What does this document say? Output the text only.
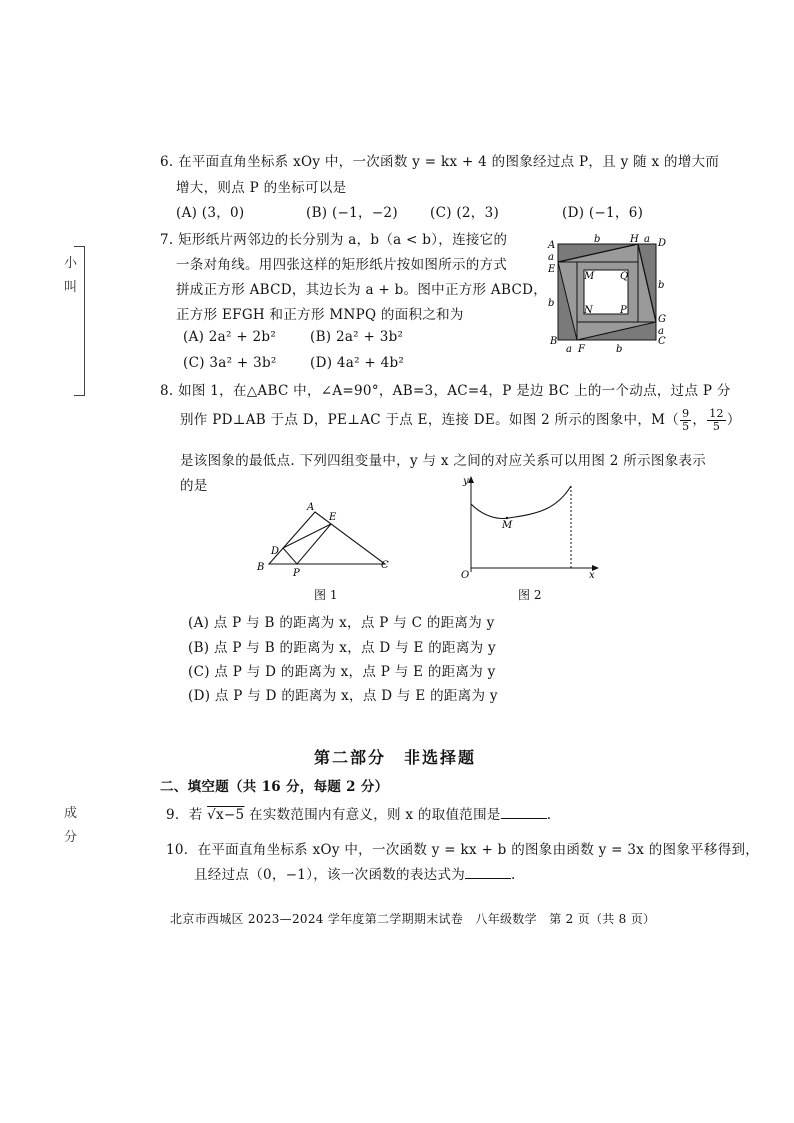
小
叫
成
分
6. 在平面直角坐标系 xOy 中，一次函数 y = kx + 4 的图象经过点 P，且 y 随 x 的增大而
增大，则点 P 的坐标可以是
(A) (3，0)	(B) (−1，−2) (C) (2，3)	(D) (−1，6)
7. 矩形纸片两邻边的长分别为 a，b（a < b），连接它的
一条对角线。用四张这样的矩形纸片按如图所示的方式
拼成正方形 ABCD，其边长为 a + b。图中正方形 ABCD，
正方形 EFGH 和正方形 MNPQ 的面积之和为
(A) 2a² + 2b²	(B) 2a² + 3b²
(C) 3a² + 3b² (D) 4a² + 4b²
A
a
E
b
B
a F	b
C
a
G
b
D
a
H
b
M	Q
N	P
8. 如图 1，在△ABC 中，∠A=90°，AB=3，AC=4，P 是边 BC 上的一个动点，过点 P 分
别作 PD⊥AB 于点 D，PE⊥AC 于点 E，连接 DE。如图 2 所示的图象中，$M( \frac{9}{5}$ ， $\frac{12}{5}$ ）
是该图象的最低点. 下列四组变量中，y 与 x 之间的对应关系可以用图 2 所示图象表示
的是
A
B	C
D
E
P
图 1
y
x
O
M
图 2
(A) 点 P 与 B 的距离为 x，点 P 与 C 的距离为 y
(B) 点 P 与 B 的距离为 x，点 D 与 E 的距离为 y
(C) 点 P 与 D 的距离为 x，点 P 与 E 的距离为 y
(D) 点 P 与 D 的距离为 x，点 D 与 E 的距离为 y
第二部分　非选择题
二、填空题（共 16 分，每题 2 分）
9．若 √x−5 在实数范围内有意义，则 x 的取值范围是	.
10．在平面直角坐标系 xOy 中，一次函数 y = kx + b 的图象由函数 y = 3x 的图象平移得到，
且经过点（0，−1），该一次函数的表达式为	.
北京市西城区 2023—2024 学年度第二学期期末试卷　八年级数学　第 2 页（共 8 页）
